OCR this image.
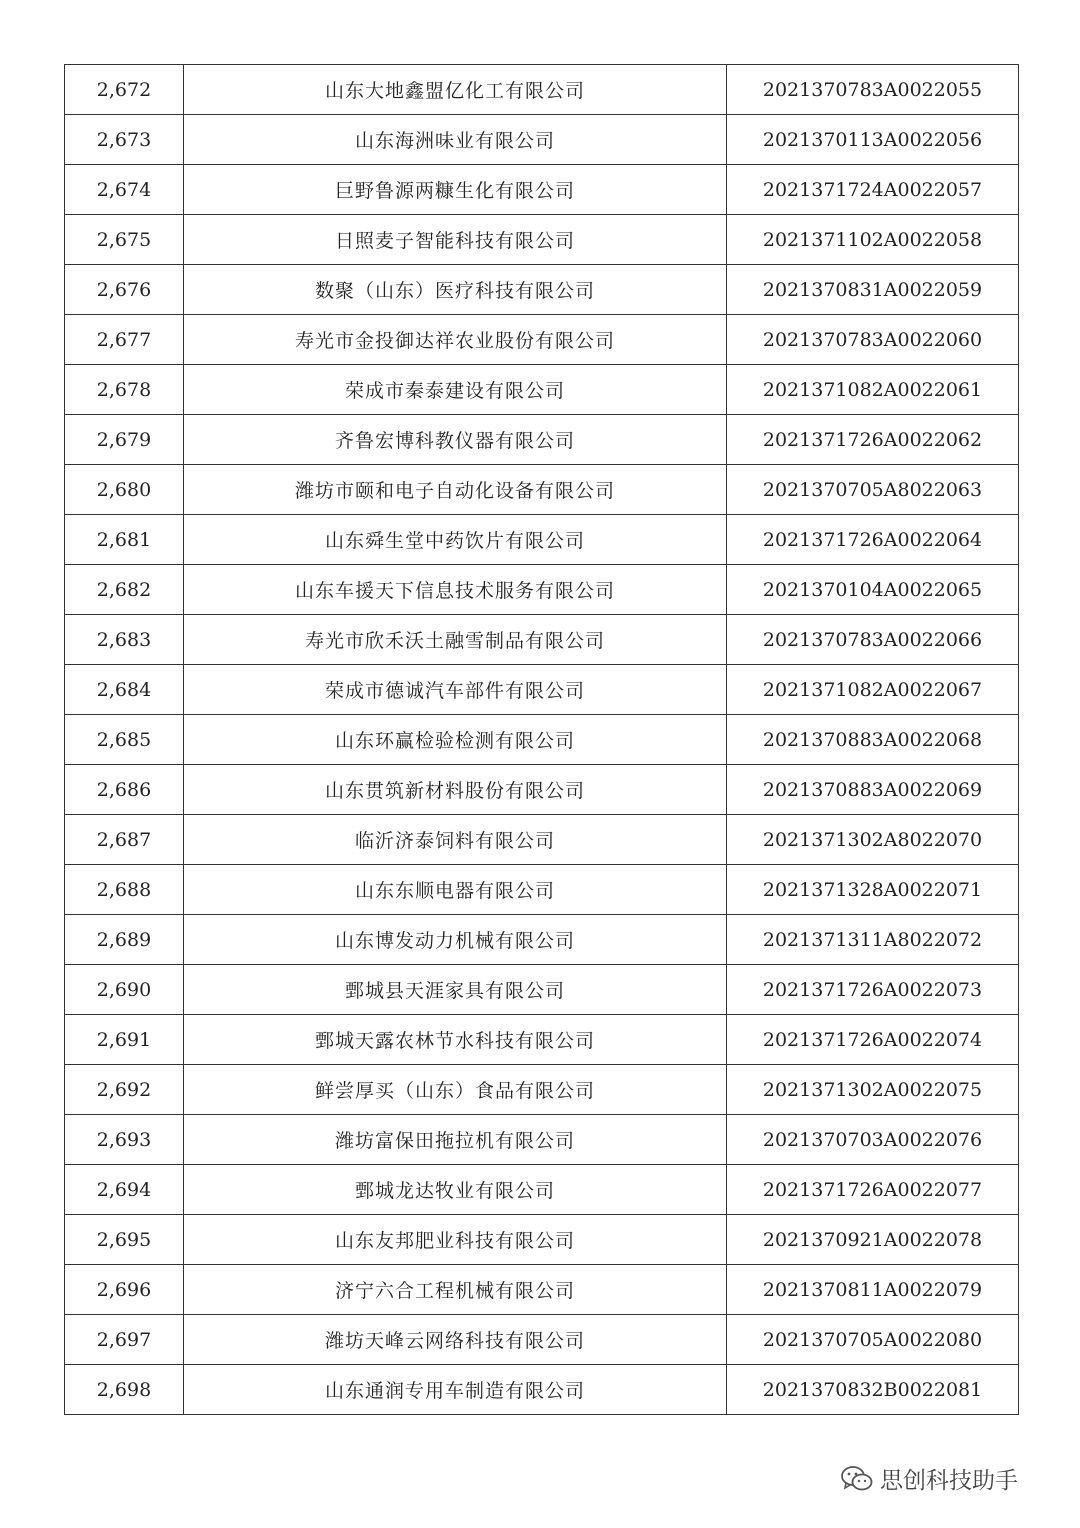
2,672	山东大地鑫盟亿化工有限公司	2021370783A0022055
2,673	山东海洲味业有限公司	2021370113A0022056
2,674	巨野鲁源两糠生化有限公司	2021371724A0022057
2,675	日照麦子智能科技有限公司	2021371102A0022058
2,676	数聚（山东）医疗科技有限公司	2021370831A0022059
2,677	寿光市金投御达祥农业股份有限公司	2021370783A0022060
2,678	荣成市秦泰建设有限公司	2021371082A0022061
2,679	齐鲁宏博科教仪器有限公司	2021371726A0022062
2,680	潍坊市颐和电子自动化设备有限公司	2021370705A8022063
2,681	山东舜生堂中药饮片有限公司	2021371726A0022064
2,682	山东车援天下信息技术服务有限公司	2021370104A0022065
2,683	寿光市欣禾沃土融雪制品有限公司	2021370783A0022066
2,684	荣成市德诚汽车部件有限公司	2021371082A0022067
2,685	山东环赢检验检测有限公司	2021370883A0022068
2,686	山东贯筑新材料股份有限公司	2021370883A0022069
2,687	临沂济泰饲料有限公司	2021371302A8022070
2,688	山东东顺电器有限公司	2021371328A0022071
2,689	山东博发动力机械有限公司	2021371311A8022072
2,690	鄄城县天涯家具有限公司	2021371726A0022073
2,691	鄄城天露农林节水科技有限公司	2021371726A0022074
2,692	鲜尝厚买（山东）食品有限公司	2021371302A0022075
2,693	潍坊富保田拖拉机有限公司	2021370703A0022076
2,694	鄄城龙达牧业有限公司	2021371726A0022077
2,695	山东友邦肥业科技有限公司	2021370921A0022078
2,696	济宁六合工程机械有限公司	2021370811A0022079
2,697	潍坊天峰云网络科技有限公司	2021370705A0022080
2,698	山东通润专用车制造有限公司	2021370832B0022081
思创科技助手
